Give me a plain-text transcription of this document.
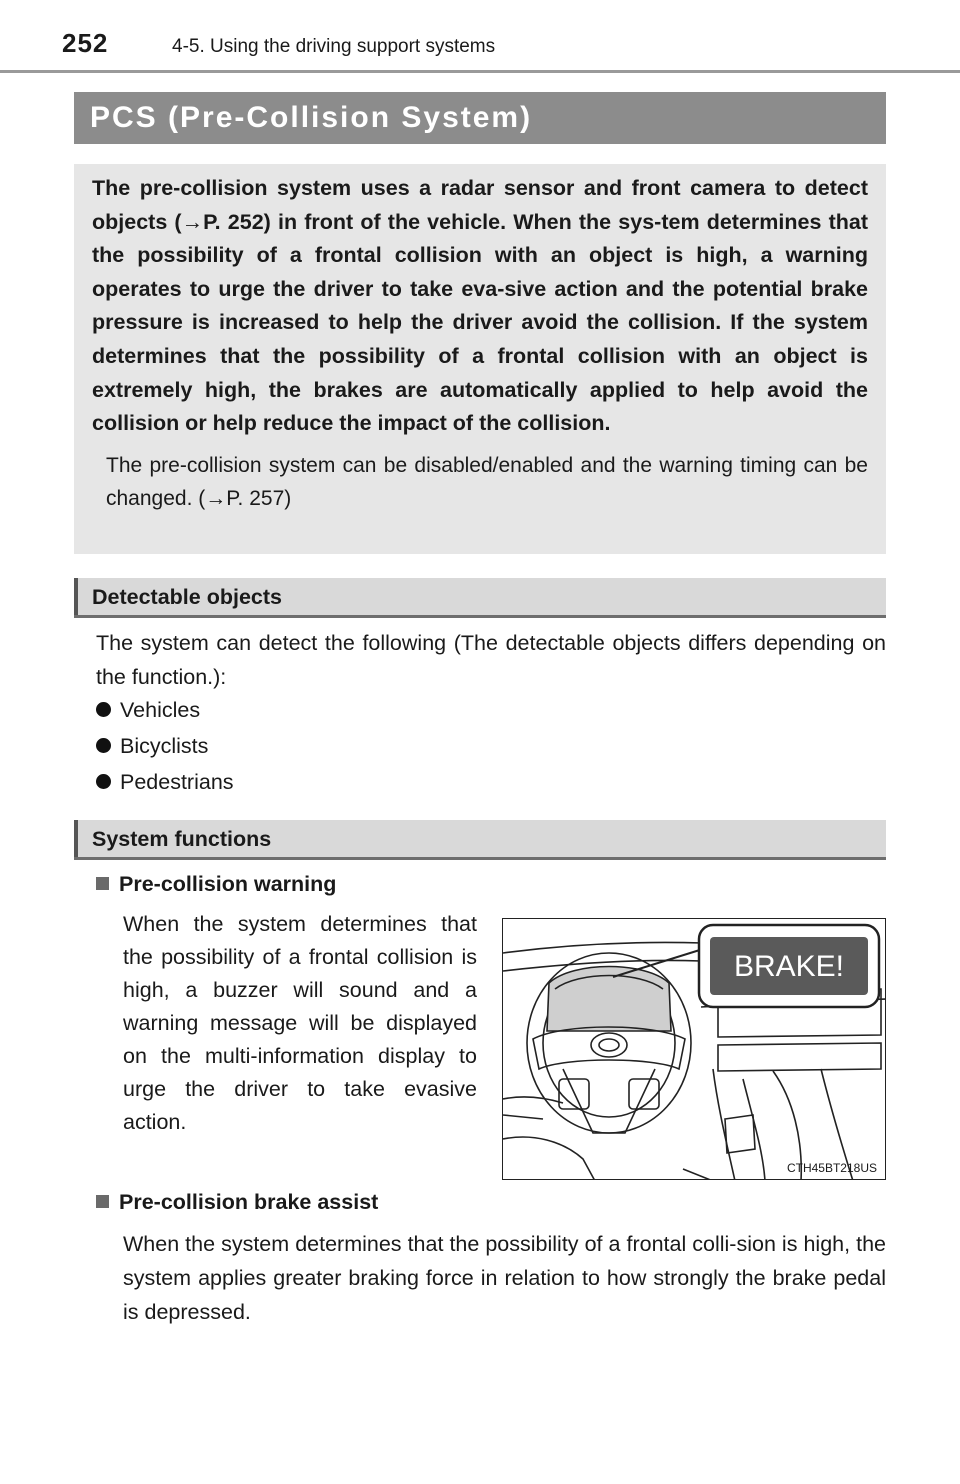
252	4-5. Using the driving support systems
PCS (Pre-Collision System)

The pre-collision system uses a radar sensor and front camera to detect objects (→P. 252) in front of the vehicle. When the sys-tem determines that the possibility of a frontal collision with an object is high, a warning operates to urge the driver to take eva-sive action and the potential brake pressure is increased to help the driver avoid the collision. If the system determines that the possibility of a frontal collision with an object is extremely high, the brakes are automatically applied to help avoid the collision or help reduce the impact of the collision.

The pre-collision system can be disabled/enabled and the warning timing can be changed. (→P. 257)

Detectable objects

The system can detect the following (The detectable objects differs depending on the function.):

Vehicles
Bicyclists
Pedestrians
System functions
Pre-collision warning

When the system determines that the possibility of a frontal collision is high, a buzzer will sound and a warning message will be displayed on the multi-information display to urge the driver to take evasive action.

BRAKE!
CTH45BT218US
Pre-collision brake assist

When the system determines that the possibility of a frontal colli-sion is high, the system applies greater braking force in relation to how strongly the brake pedal is depressed.
